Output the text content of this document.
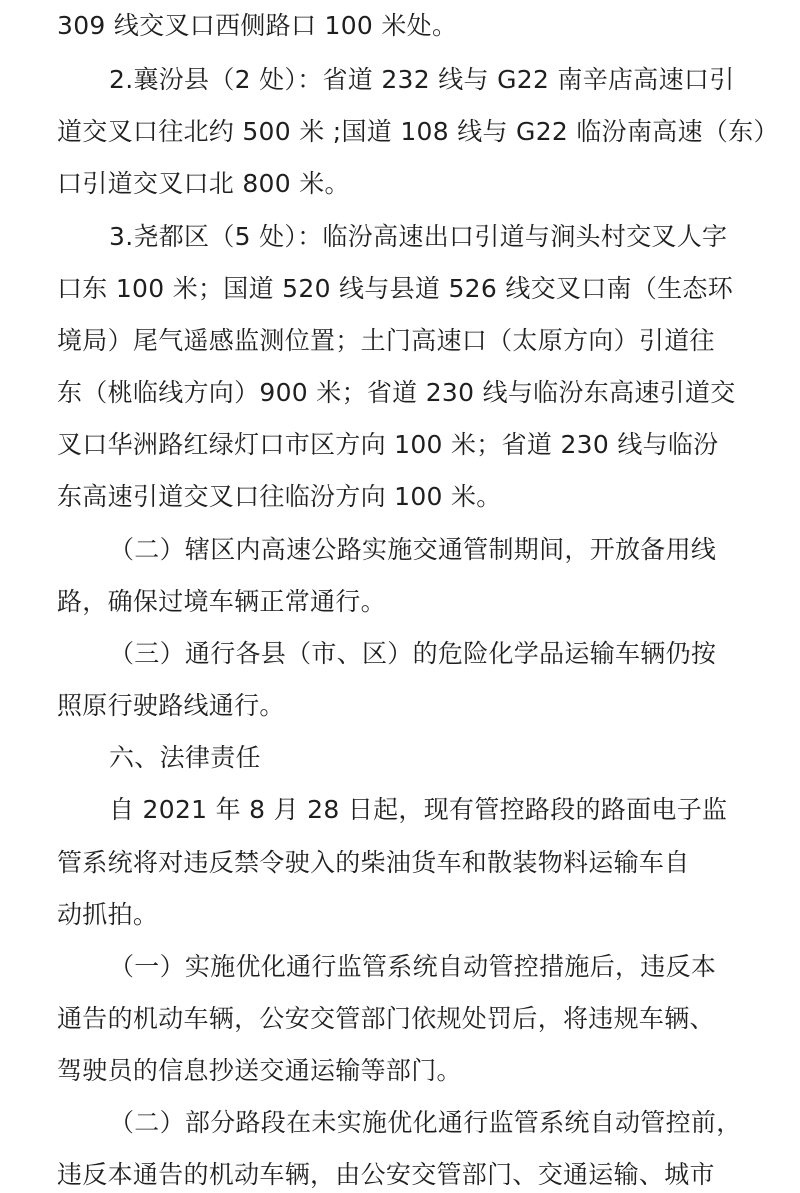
309 线交叉口西侧路口 100 米处。
2.襄汾县（2 处）：省道 232 线与 G22 南辛店高速口引
道交叉口往北约 500 米 ;国道 108 线与 G22 临汾南高速（东）
口引道交叉口北 800 米。
3.尧都区（5 处）：临汾高速出口引道与涧头村交叉人字
口东 100 米；国道 520 线与县道 526 线交叉口南（生态环
境局）尾气遥感监测位置；土门高速口（太原方向）引道往
东（桃临线方向）900 米；省道 230 线与临汾东高速引道交
叉口华洲路红绿灯口市区方向 100 米；省道 230 线与临汾
东高速引道交叉口往临汾方向 100 米。
（二）辖区内高速公路实施交通管制期间，开放备用线
路，确保过境车辆正常通行。
（三）通行各县（市、区）的危险化学品运输车辆仍按
照原行驶路线通行。
六、法律责任
自 2021 年 8 月 28 日起，现有管控路段的路面电子监
管系统将对违反禁令驶入的柴油货车和散装物料运输车自
动抓拍。
（一）实施优化通行监管系统自动管控措施后，违反本
通告的机动车辆，公安交管部门依规处罚后，将违规车辆、
驾驶员的信息抄送交通运输等部门。
（二）部分路段在未实施优化通行监管系统自动管控前，
违反本通告的机动车辆，由公安交管部门、交通运输、城市
